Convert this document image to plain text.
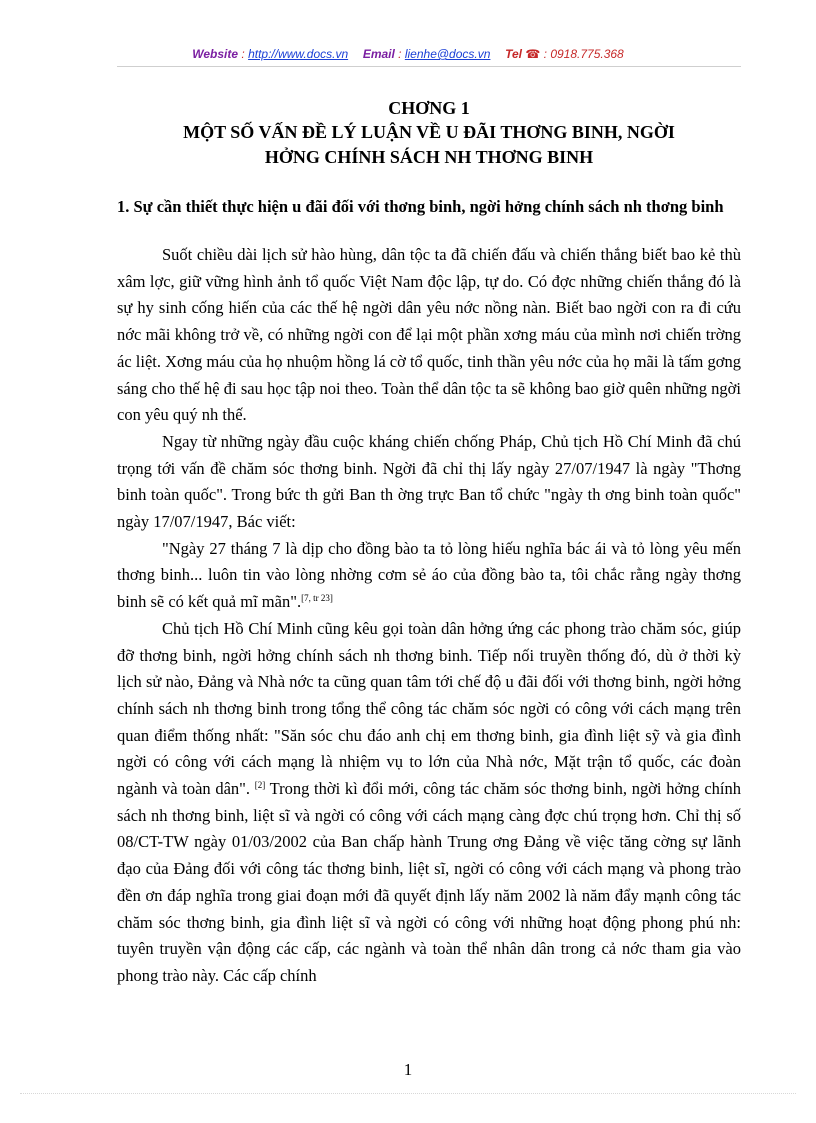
Website : http://www.docs.vn Email : lienhe@docs.vn Tel ☎ : 0918.775.368
CHƠNG 1
MỘT SỐ VẤN ĐỀ LÝ LUẬN VỀ U ĐÃI THƠNG BINH, NGỜI
HỞNG CHÍNH SÁCH NH THƠNG BINH
1. Sự cần thiết thực hiện u đãi đối với thơng binh, ngời hởng chính sách nh thơng binh

Suốt chiều dài lịch sử hào hùng, dân tộc ta đã chiến đấu và chiến thắng biết bao kẻ thù xâm lợc, giữ vững hình ảnh tổ quốc Việt Nam độc lập, tự do. Có đợc những chiến thắng đó là sự hy sinh cống hiến của các thế hệ ngời dân yêu nớc nồng nàn. Biết bao ngời con ra đi cứu nớc mãi không trở về, có những ngời con để lại một phần xơng máu của mình nơi chiến trờng ác liệt. Xơng máu của họ nhuộm hồng lá cờ tổ quốc, tinh thần yêu nớc của họ mãi là tấm gơng sáng cho thế hệ đi sau học tập noi theo. Toàn thể dân tộc ta sẽ không bao giờ quên những ngời con yêu quý nh thế.

Ngay từ những ngày đầu cuộc kháng chiến chống Pháp, Chủ tịch Hồ Chí Minh đã chú trọng tới vấn đề chăm sóc thơng binh. Ngời đã chỉ thị lấy ngày 27/07/1947 là ngày "Thơng binh toàn quốc". Trong bức th gửi Ban th ờng trực Ban tổ chức "ngày th ơng binh toàn quốc" ngày 17/07/1947, Bác viết:

"Ngày 27 tháng 7 là dịp cho đồng bào ta tỏ lòng hiếu nghĩa bác ái và tỏ lòng yêu mến thơng binh... luôn tin vào lòng nhờng cơm sẻ áo của đồng bào ta, tôi chắc rằng ngày thơng binh sẽ có kết quả mĩ mãn".[7, tr 23]

Chủ tịch Hồ Chí Minh cũng kêu gọi toàn dân hởng ứng các phong trào chăm sóc, giúp đỡ thơng binh, ngời hởng chính sách nh thơng binh. Tiếp nối truyền thống đó, dù ở thời kỳ lịch sử nào, Đảng và Nhà nớc ta cũng quan tâm tới chế độ u đãi đối với thơng binh, ngời hởng chính sách nh thơng binh trong tổng thể công tác chăm sóc ngời có công với cách mạng trên quan điểm thống nhất: "Săn sóc chu đáo anh chị em thơng binh, gia đình liệt sỹ và gia đình ngời có công với cách mạng là nhiệm vụ to lớn của Nhà nớc, Mặt trận tổ quốc, các đoàn ngành và toàn dân". [2] Trong thời kì đổi mới, công tác chăm sóc thơng binh, ngời hởng chính sách nh thơng binh, liệt sĩ và ngời có công với cách mạng càng đợc chú trọng hơn. Chỉ thị số 08/CT-TW ngày 01/03/2002 của Ban chấp hành Trung ơng Đảng về việc tăng cờng sự lãnh đạo của Đảng đối với công tác thơng binh, liệt sĩ, ngời có công với cách mạng và phong trào đền ơn đáp nghĩa trong giai đoạn mới đã quyết định lấy năm 2002 là năm đẩy mạnh công tác chăm sóc thơng binh, gia đình liệt sĩ và ngời có công với những hoạt động phong phú nh: tuyên truyền vận động các cấp, các ngành và toàn thể nhân dân trong cả nớc tham gia vào phong trào này. Các cấp chính

1
